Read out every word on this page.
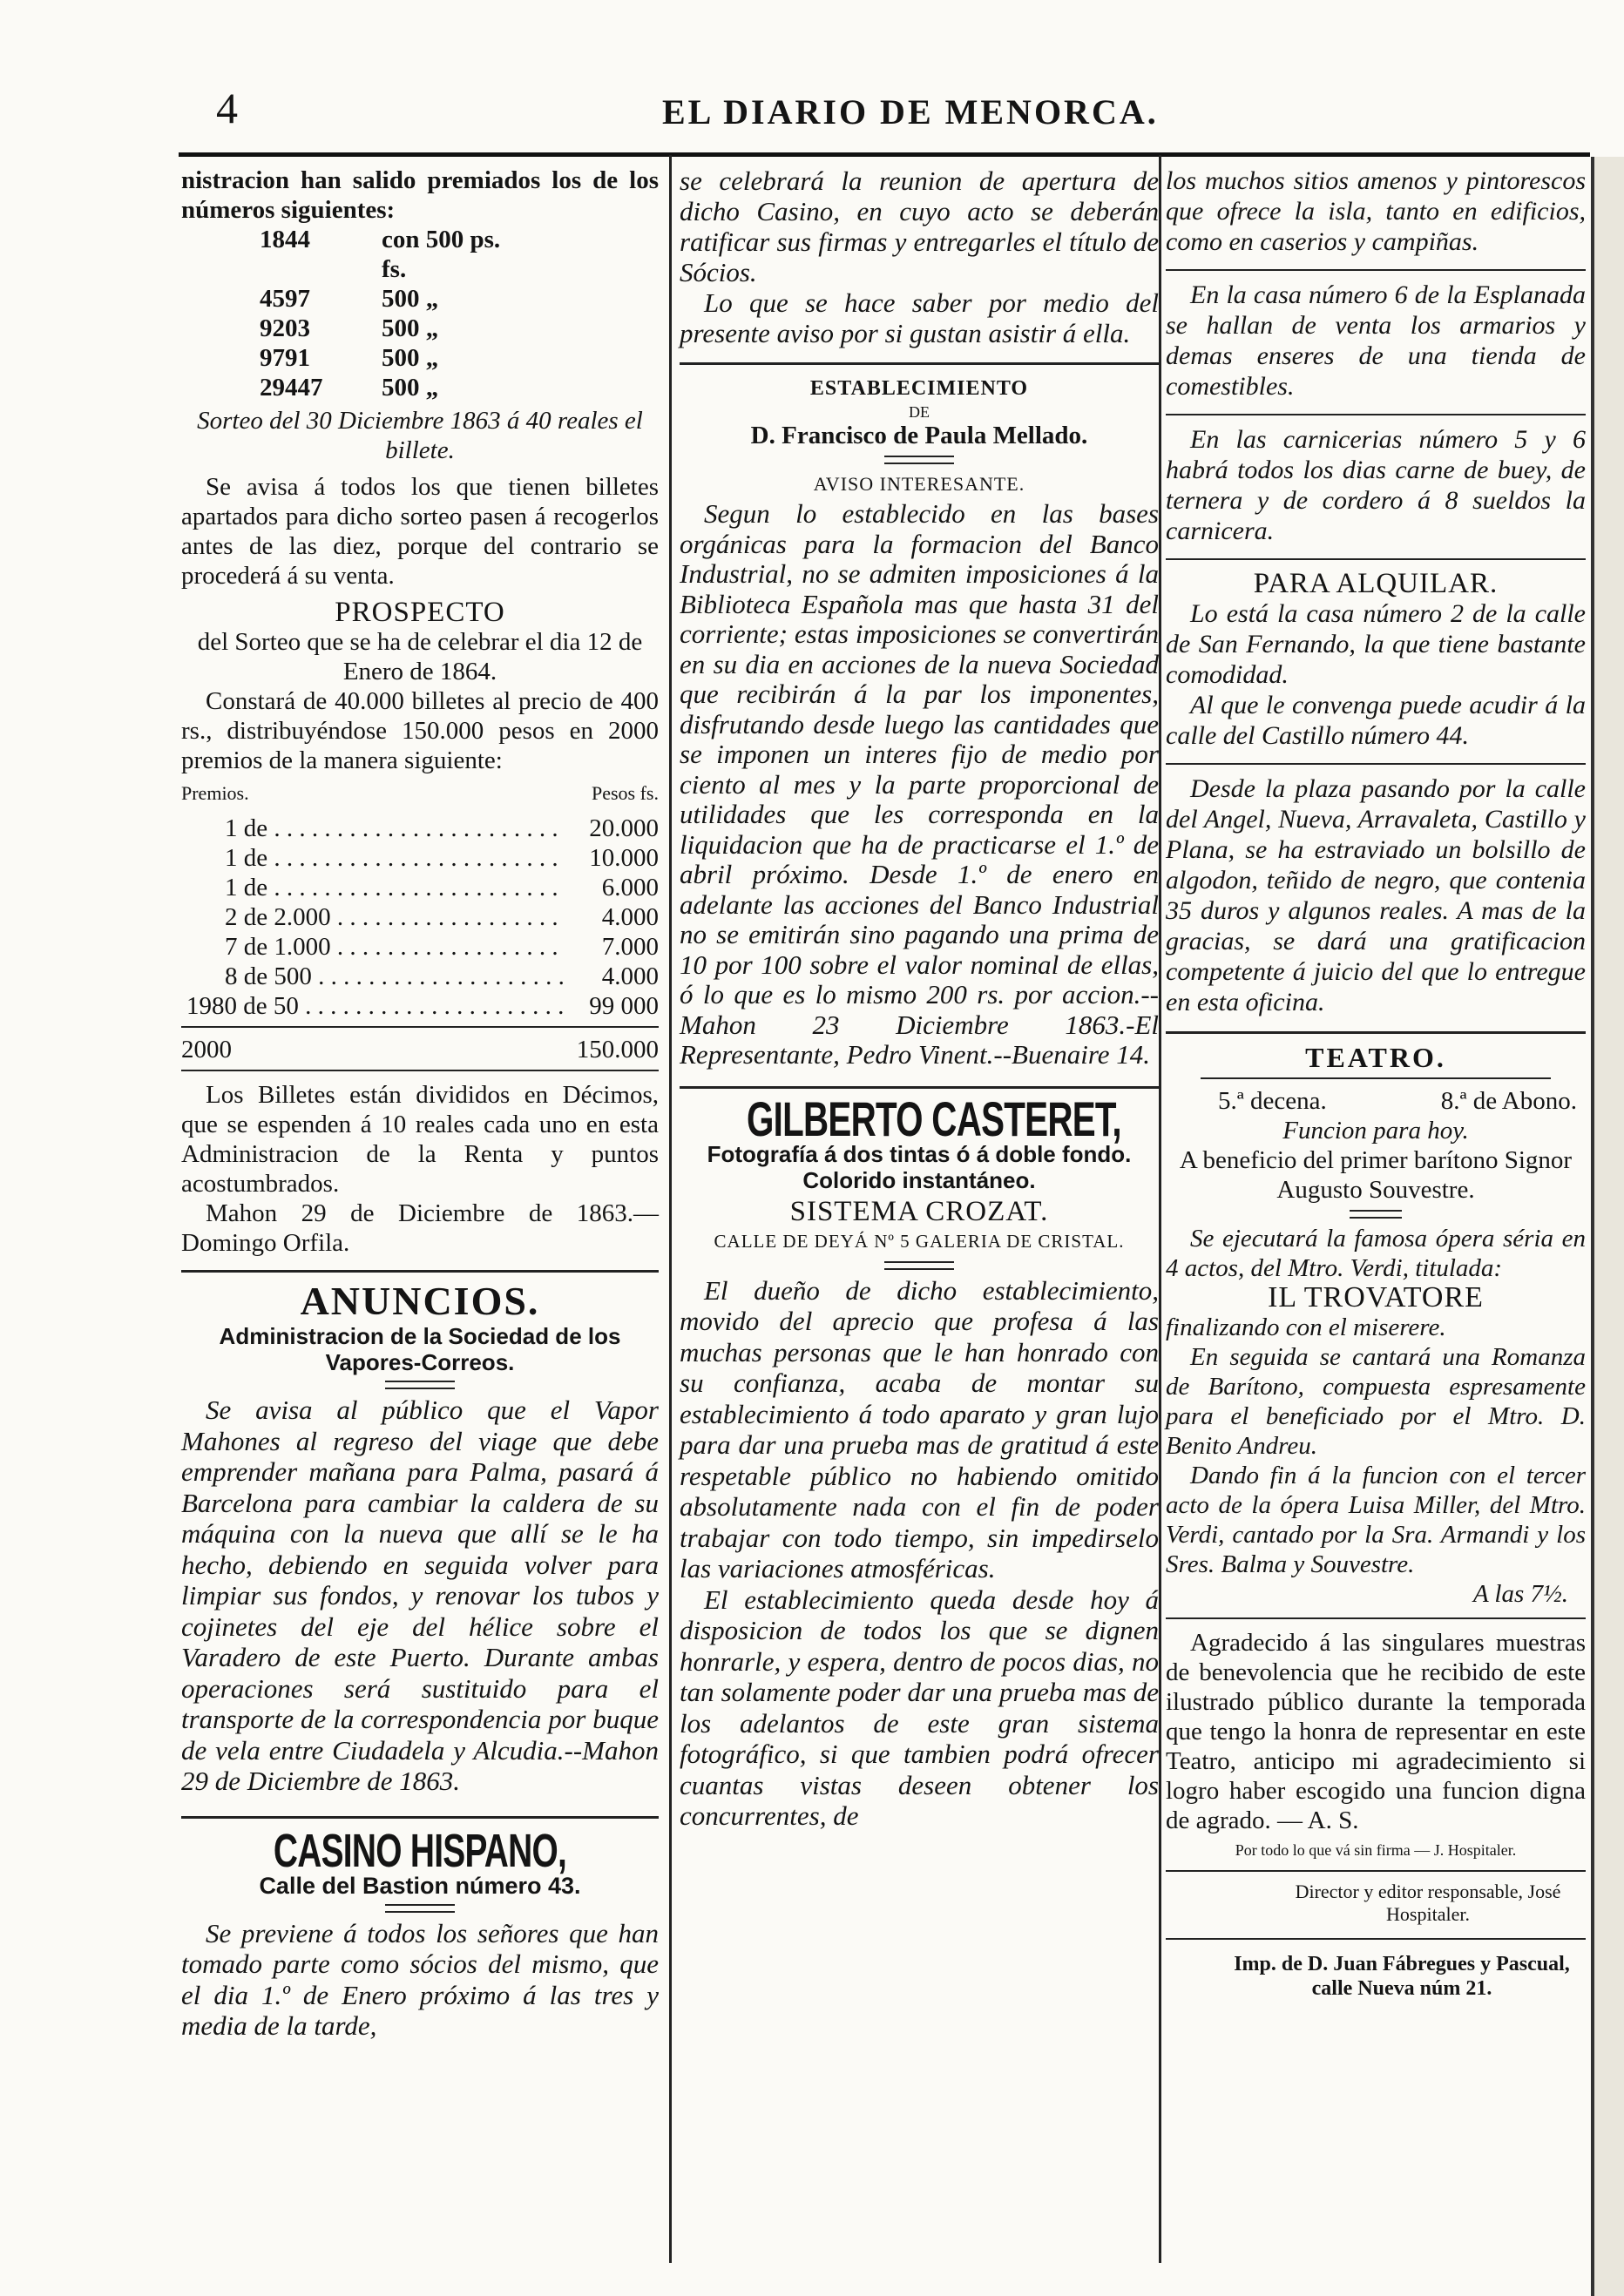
4	EL DIARIO DE MENORCA.

nistracion han salido premiados los de los números siguientes:

1844	con 500 ps. fs.
4597	500 „
9203	500 „
9791	500 „
29447	500 „

Sorteo del 30 Diciembre 1863 á 40 reales el billete.

Se avisa á todos los que tienen billetes apartados para dicho sorteo pasen á recogerlos antes de las diez, porque del contrario se procederá á su venta.

PROSPECTO

del Sorteo que se ha de celebrar el dia 12 de Enero de 1864.

Constará de 40.000 billetes al precio de 400 rs., distribuyéndose 150.000 pesos en 2000 premios de la manera siguiente:

Premios.	Pesos fs.
1 de . . .	20.000
1 de . . .	10.000
1 de . . .	6.000
2 de 2.000 . . .	4.000
7 de 1.000 . . .	7.000
8 de 500 . . .	4.000
1980 de 50 . . .	99 000
2000	150.000

Los Billetes están divididos en Décimos, que se espenden á 10 reales cada uno en esta Administracion de la Renta y puntos acostumbrados.

Mahon 29 de Diciembre de 1863.—Domingo Orfila.

ANUNCIOS.

Administracion de la Sociedad de los Vapores-Correos.

Se avisa al público que el Vapor Mahones al regreso del viage que debe emprender mañana para Palma, pasará á Barcelona para cambiar la caldera de su máquina con la nueva que allí se le ha hecho, debiendo en seguida volver para limpiar sus fondos, y renovar los tubos y cojinetes del eje del hélice sobre el Varadero de este Puerto. Durante ambas operaciones será sustituido para el transporte de la correspondencia por buque de vela entre Ciudadela y Alcudia.--Mahon 29 de Diciembre de 1863.

CASINO HISPANO,

Calle del Bastion número 43.

Se previene á todos los señores que han tomado parte como sócios del mismo, que el dia 1.º de Enero próximo á las tres y media de la tarde,

se celebrará la reunion de apertura de dicho Casino, en cuyo acto se deberán ratificar sus firmas y entregarles el título de Sócios.

Lo que se hace saber por medio del presente aviso por si gustan asistir á ella.

ESTABLECIMIENTO

DE

D. Francisco de Paula Mellado.

AVISO INTERESANTE.

Segun lo establecido en las bases orgánicas para la formacion del Banco Industrial, no se admiten imposiciones á la Biblioteca Española mas que hasta 31 del corriente; estas imposiciones se convertirán en su dia en acciones de la nueva Sociedad que recibirán á la par los imponentes, disfrutando desde luego las cantidades que se imponen un interes fijo de medio por ciento al mes y la parte proporcional de utilidades que les corresponda en la liquidacion que ha de practicarse el 1.º de abril próximo. Desde 1.º de enero en adelante las acciones del Banco Industrial no se emitirán sino pagando una prima de 10 por 100 sobre el valor nominal de ellas, ó lo que es lo mismo 200 rs. por accion.--Mahon 23 Diciembre 1863.-El Representante, Pedro Vinent.--Buenaire 14.

GILBERTO CASTERET,

Fotografía á dos tintas ó á doble fondo. Colorido instantáneo.

SISTEMA CROZAT.

CALLE DE DEYÁ Nº 5 GALERIA DE CRISTAL.

El dueño de dicho establecimiento, movido del aprecio que profesa á las muchas personas que le han honrado con su confianza, acaba de montar su establecimiento á todo aparato y gran lujo para dar una prueba mas de gratitud á este respetable público no habiendo omitido absolutamente nada con el fin de poder trabajar con todo tiempo, sin impedirselo las variaciones atmosféricas.

El establecimiento queda desde hoy á disposicion de todos los que se dignen honrarle, y espera, dentro de pocos dias, no tan solamente poder dar una prueba mas de los adelantos de este gran sistema fotográfico, si que tambien podrá ofrecer cuantas vistas deseen obtener los concurrentes, de

los muchos sitios amenos y pintorescos que ofrece la isla, tanto en edificios, como en caserios y campiñas.

En la casa número 6 de la Esplanada se hallan de venta los armarios y demas enseres de una tienda de comestibles.

En las carnicerias número 5 y 6 habrá todos los dias carne de buey, de ternera y de cordero á 8 sueldos la carnicera.

PARA ALQUILAR.

Lo está la casa número 2 de la calle de San Fernando, la que tiene bastante comodidad.

Al que le convenga puede acudir á la calle del Castillo número 44.

Desde la plaza pasando por la calle del Angel, Nueva, Arravaleta, Castillo y Plana, se ha estraviado un bolsillo de algodon, teñido de negro, que contenia 35 duros y algunos reales. A mas de la gracias, se dará una gratificacion competente á juicio del que lo entregue en esta oficina.

TEATRO.

5.ª decena.	8.ª de Abono.

Funcion para hoy.

A beneficio del primer barítono Signor Augusto Souvestre.

Se ejecutará la famosa ópera séria en 4 actos, del Mtro. Verdi, titulada:

IL TROVATORE

finalizando con el miserere.

En seguida se cantará una Romanza de Barítono, compuesta espresamente para el beneficiado por el Mtro. D. Benito Andreu.

Dando fin á la funcion con el tercer acto de la ópera Luisa Miller, del Mtro. Verdi, cantado por la Sra. Armandi y los Sres. Balma y Souvestre.

A las 7½.

Agradecido á las singulares muestras de benevolencia que he recibido de este ilustrado público durante la temporada que tengo la honra de representar en este Teatro, anticipo mi agradecimiento si logro haber escogido una funcion digna de agrado. — A. S.

Por todo lo que vá sin firma — J. Hospitaler.

Director y editor responsable, José Hospitaler.

Imp. de D. Juan Fábregues y Pascual, calle Nueva núm 21.
